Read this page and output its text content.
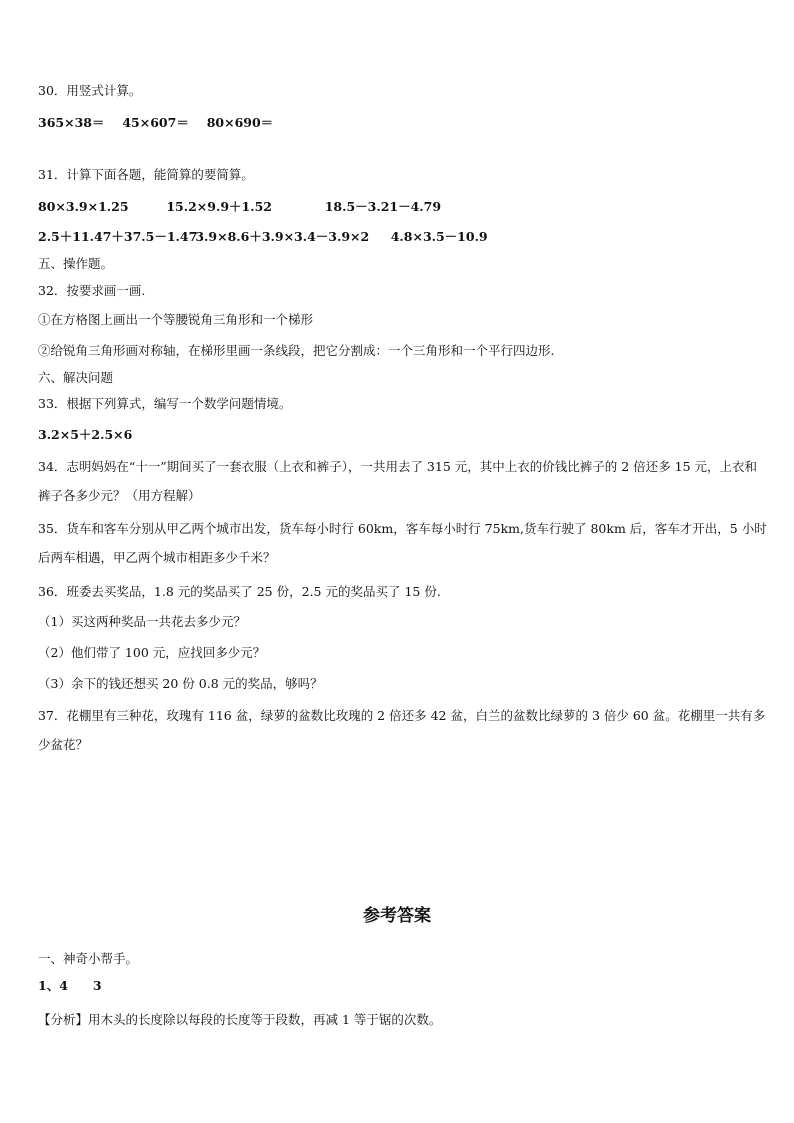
30．用竖式计算。
365×38＝ 45×607＝ 80×690＝
31．计算下面各题，能简算的要简算。
80×3.9×1.25	15.2×9.9＋1.52	18.5－3.21－4.79
2.5＋11.47＋37.5－1.47 3.9×8.6＋3.9×3.4－3.9×2 4.8×3.5－10.9
五、操作题。
32．按要求画一画.
①在方格图上画出一个等腰锐角三角形和一个梯形
②给锐角三角形画对称轴，在梯形里画一条线段，把它分割成：一个三角形和一个平行四边形.
六、解决问题
33．根据下列算式，编写一个数学问题情境。
3.2×5＋2.5×6
34．志明妈妈在“十一”期间买了一套衣服（上衣和裤子），一共用去了 315 元，其中上衣的价钱比裤子的 2 倍还多 15 元，上衣和裤子各多少元？（用方程解）
35．货车和客车分别从甲乙两个城市出发，货车每小时行 60km，客车每小时行 75km,货车行驶了 80km 后，客车才开出，5 小时后两车相遇，甲乙两个城市相距多少千米？
36．班委去买奖品，1.8 元的奖品买了 25 份，2.5 元的奖品买了 15 份.
（1）买这两种奖品一共花去多少元？
（2）他们带了 100 元，应找回多少元？
（3）余下的钱还想买 20 份 0.8 元的奖品，够吗？
37．花棚里有三种花，玫瑰有 116 盆，绿萝的盆数比玫瑰的 2 倍还多 42 盆，白兰的盆数比绿萝的 3 倍少 60 盆。花棚里一共有多少盆花？
参考答案
一、神奇小帮手。
1、4　　3
【分析】用木头的长度除以每段的长度等于段数，再减 1 等于锯的次数。
